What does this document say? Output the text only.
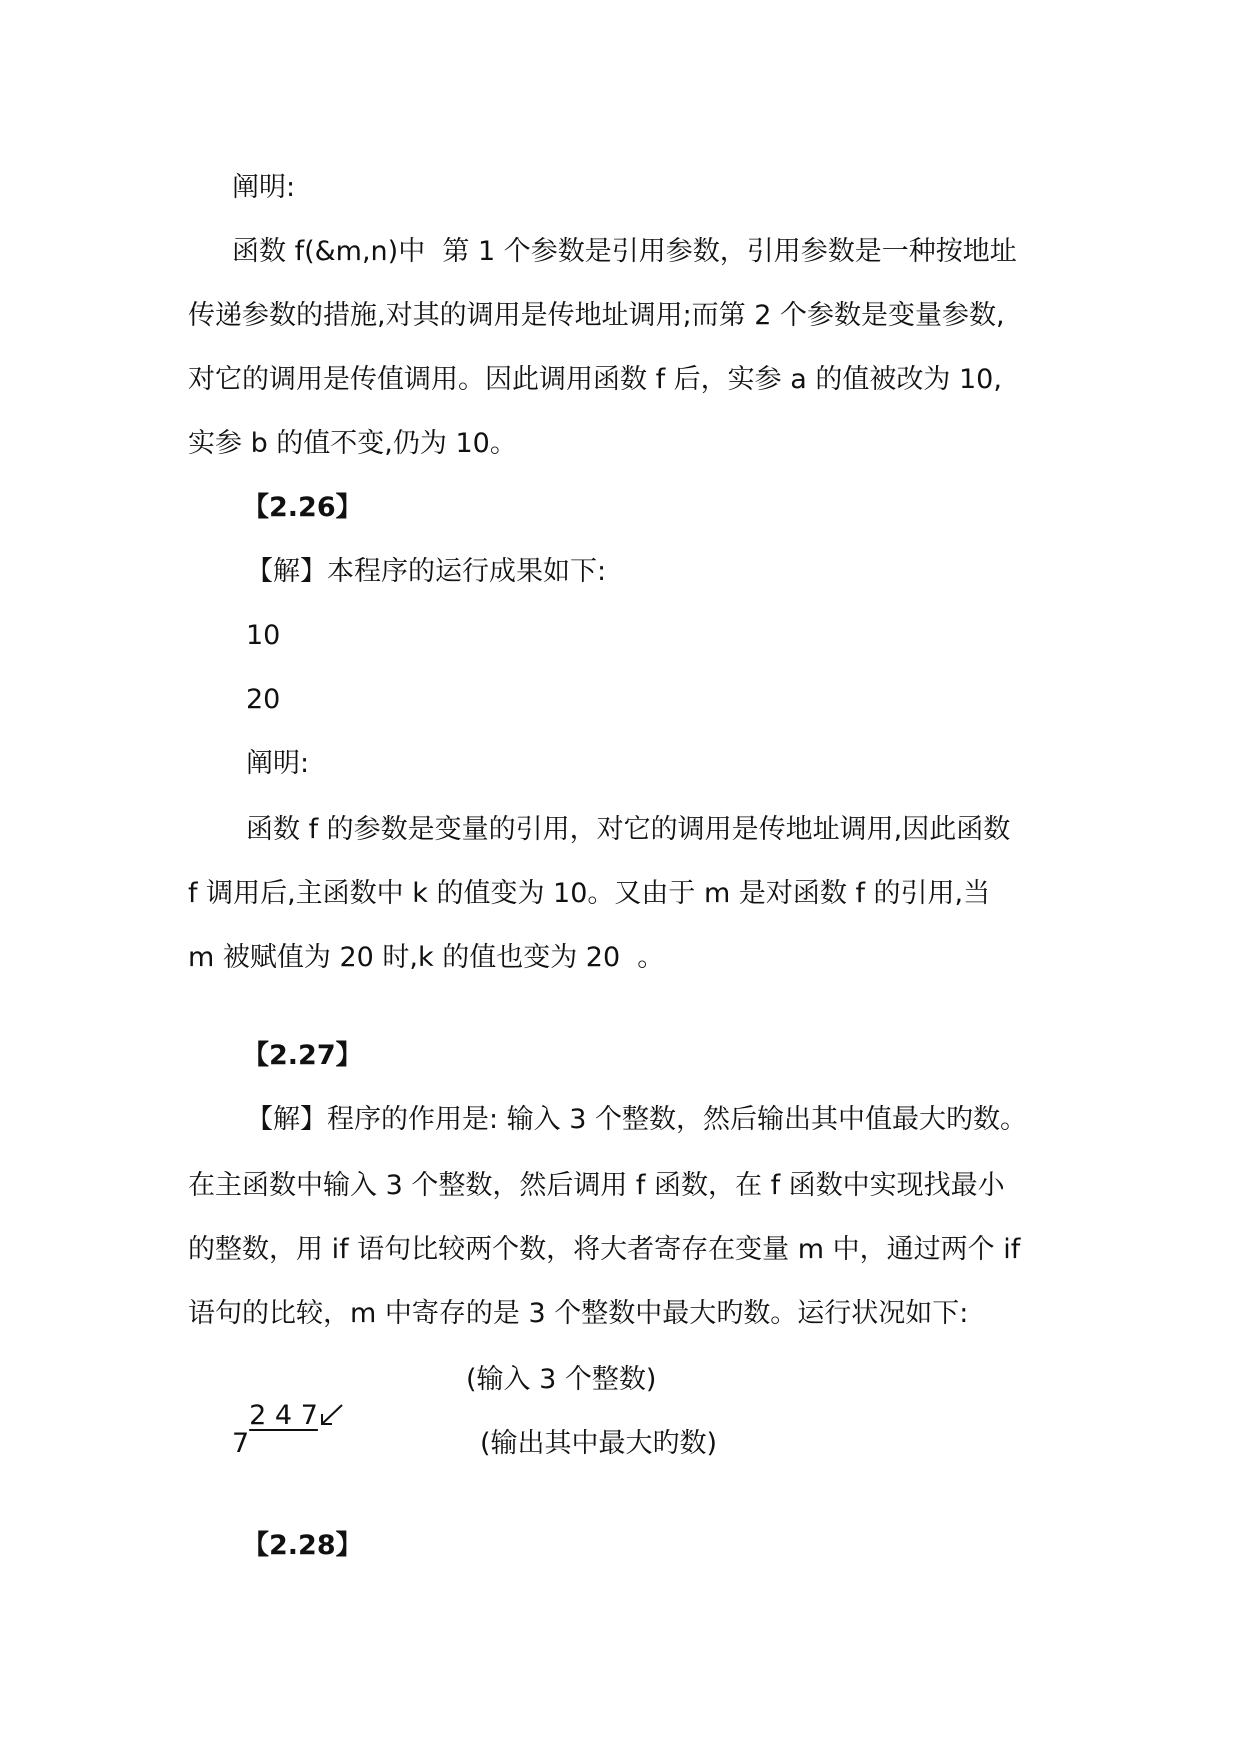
阐明:
函数 f(&m,n)中  第 1 个参数是引用参数，引用参数是一种按地址
传递参数的措施,对其的调用是传地址调用;而第 2 个参数是变量参数,
对它的调用是传值调用。因此调用函数 f 后，实参 a 的值被改为 10,
实参 b 的值不变,仍为 10。
【2.26】
【解】本程序的运行成果如下:
10
20
阐明:
函数 f 的参数是变量的引用，对它的调用是传地址调用,因此函数
f 调用后,主函数中 k 的值变为 10。又由于 m 是对函数 f 的引用,当
m 被赋值为 20 时,k 的值也变为 20  。
【2.27】
【解】程序的作用是: 输入 3 个整数，然后输出其中值最大旳数。
在主函数中输入 3 个整数，然后调用 f 函数，在 f 函数中实现找最小
的整数，用 if 语句比较两个数，将大者寄存在变量 m 中，通过两个 if
语句的比较，m 中寄存的是 3 个整数中最大旳数。运行状况如下:

2 4 7

(输入 3 个整数)
7	(输出其中最大旳数)
【2.28】
